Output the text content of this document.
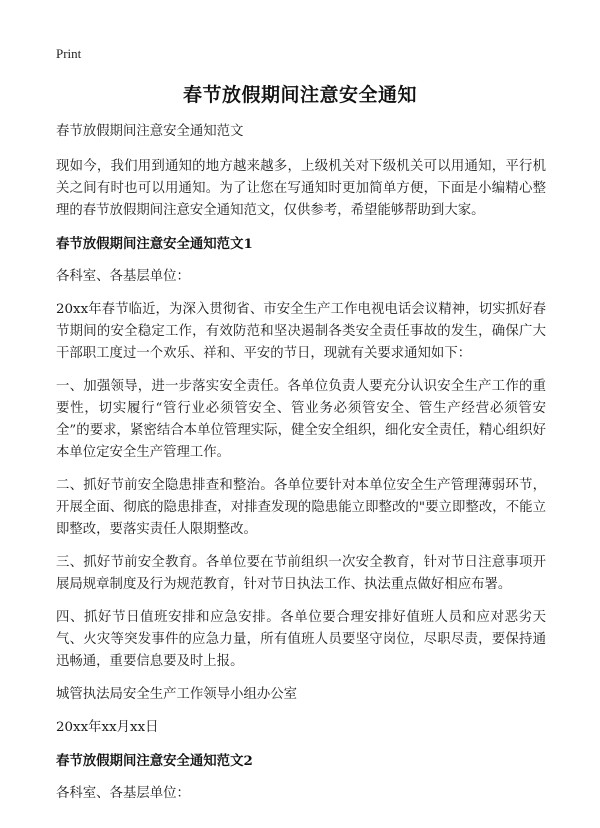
Print
春节放假期间注意安全通知

春节放假期间注意安全通知范文

现如今，我们用到通知的地方越来越多，上级机关对下级机关可以用通知，平行机关之间有时也可以用通知。为了让您在写通知时更加简单方便，下面是小编精心整理的春节放假期间注意安全通知范文，仅供参考，希望能够帮助到大家。

春节放假期间注意安全通知范文1

各科室、各基层单位：

20xx年春节临近，为深入贯彻省、市安全生产工作电视电话会议精神，切实抓好春节期间的安全稳定工作，有效防范和坚决遏制各类安全责任事故的发生，确保广大干部职工度过一个欢乐、祥和、平安的节日，现就有关要求通知如下：

一、加强领导，进一步落实安全责任。各单位负责人要充分认识安全生产工作的重要性，切实履行“管行业必须管安全、管业务必须管安全、管生产经营必须管安全”的要求，紧密结合本单位管理实际，健全安全组织，细化安全责任，精心组织好本单位定安全生产管理工作。

二、抓好节前安全隐患排查和整治。各单位要针对本单位安全生产管理薄弱环节，开展全面、彻底的隐患排查，对排查发现的隐患能立即整改的"要立即整改，不能立即整改，要落实责任人限期整改。

三、抓好节前安全教育。各单位要在节前组织一次安全教育，针对节日注意事项开展局规章制度及行为规范教育，针对节日执法工作、执法重点做好相应布署。

四、抓好节日值班安排和应急安排。各单位要合理安排好值班人员和应对恶劣天气、火灾等突发事件的应急力量，所有值班人员要坚守岗位，尽职尽责，要保持通迅畅通，重要信息要及时上报。

城管执法局安全生产工作领导小组办公室

20xx年xx月xx日

春节放假期间注意安全通知范文2

各科室、各基层单位：
